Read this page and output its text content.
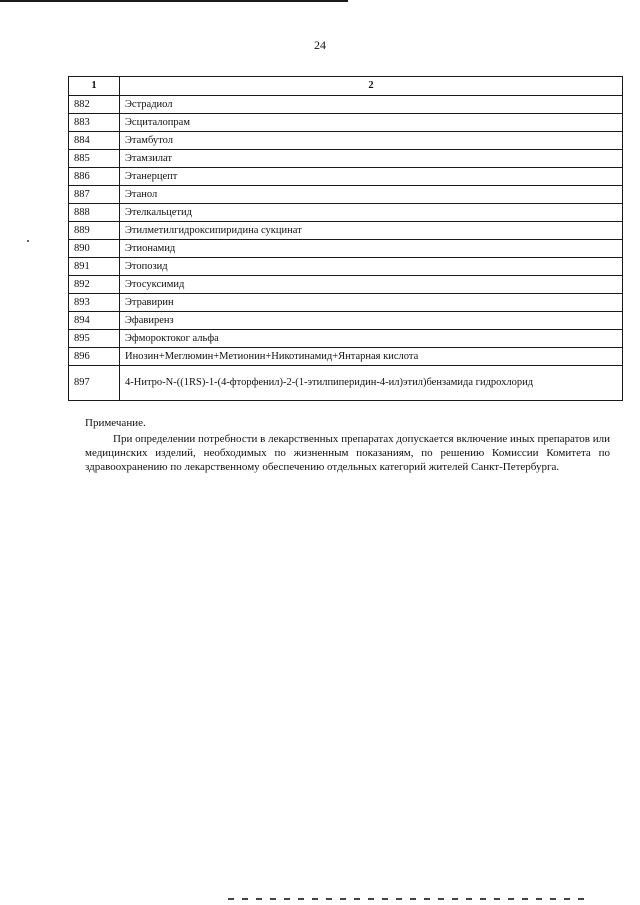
24
1	2
882	Эстрадиол
883	Эсциталопрам
884	Этамбутол
885	Этамзилат
886	Этанерцепт
887	Этанол
888	Этелкальцетид
889	Этилметилгидроксипиридина сукцинат
890	Этионамид
891	Этопозид
892	Этосуксимид
893	Этравирин
894	Эфавиренз
895	Эфмороктоког альфа
896	Инозин+Меглюмин+Метионин+Никотинамид+Янтарная кислота
897	4-Нитро-N-((1RS)-1-(4-фторфенил)-2-(1-этилпиперидин-4-ил)этил)бензамида гидрохлорид

Примечание.

При определении потребности в лекарственных препаратах допускается включение иных препаратов или медицинских изделий, необходимых по жизненным показаниям, по решению Комиссии Комитета по здравоохранению по лекарственному обеспечению отдельных категорий жителей Санкт-Петербурга.
